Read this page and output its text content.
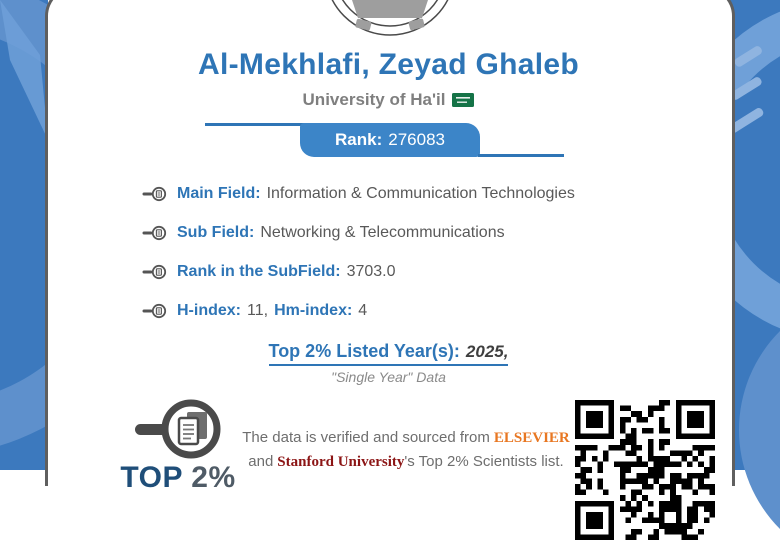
Al-Mekhlafi, Zeyad Ghaleb
University of Ha'il
Rank: 276083
Main Field: Information & Communication Technologies
Sub Field: Networking & Telecommunications
Rank in the SubField: 3703.0
H-index: 11, Hm-index: 4
Top 2% Listed Year(s): 2025,
"Single Year" Data
TOP 2%
The data is verified and sourced from ELSEVIER
and Stanford University's Top 2% Scientists list.
